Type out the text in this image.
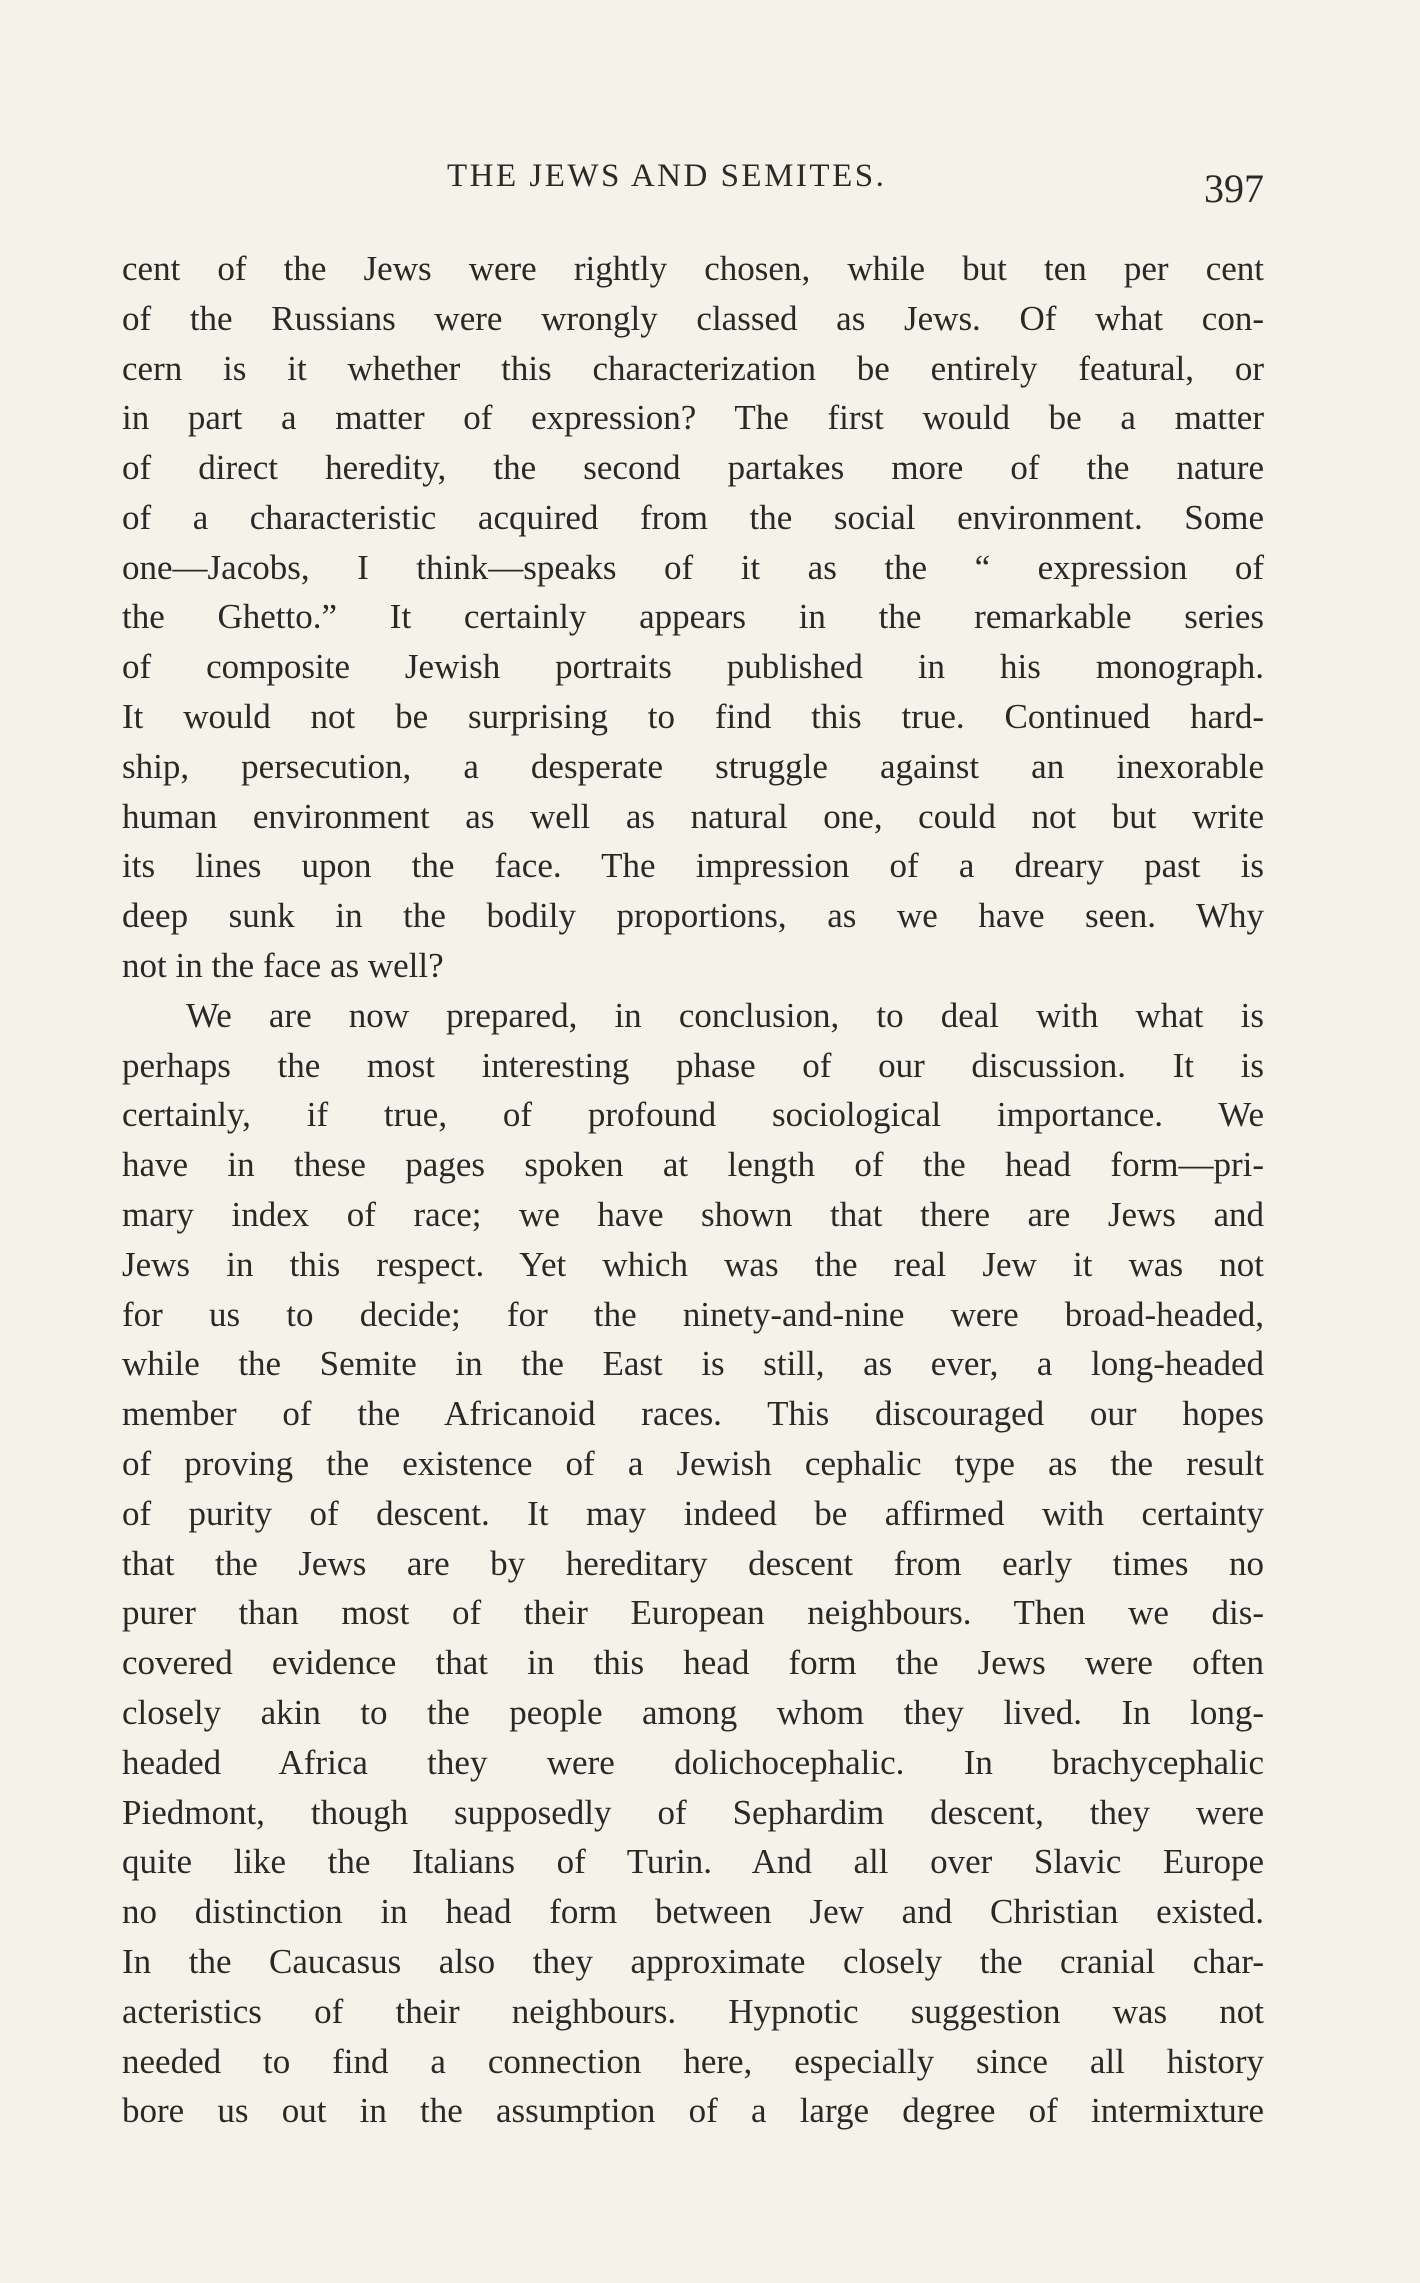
THE JEWS AND SEMITES.	397
cent of the Jews were rightly chosen, while but ten per cent
of the Russians were wrongly classed as Jews. Of what con-
cern is it whether this characterization be entirely featural, or
in part a matter of expression? The first would be a matter
of direct heredity, the second partakes more of the nature
of a characteristic acquired from the social environment. Some
one—Jacobs, I think—speaks of it as the “ expression of
the Ghetto.” It certainly appears in the remarkable series
of composite Jewish portraits published in his monograph.
It would not be surprising to find this true. Continued hard-
ship, persecution, a desperate struggle against an inexorable
human environment as well as natural one, could not but write
its lines upon the face. The impression of a dreary past is
deep sunk in the bodily proportions, as we have seen. Why
not in the face as well?
We are now prepared, in conclusion, to deal with what is
perhaps the most interesting phase of our discussion. It is
certainly, if true, of profound sociological importance. We
have in these pages spoken at length of the head form—pri-
mary index of race; we have shown that there are Jews and
Jews in this respect. Yet which was the real Jew it was not
for us to decide; for the ninety-and-nine were broad-headed,
while the Semite in the East is still, as ever, a long-headed
member of the Africanoid races. This discouraged our hopes
of proving the existence of a Jewish cephalic type as the result
of purity of descent. It may indeed be affirmed with certainty
that the Jews are by hereditary descent from early times no
purer than most of their European neighbours. Then we dis-
covered evidence that in this head form the Jews were often
closely akin to the people among whom they lived. In long-
headed Africa they were dolichocephalic. In brachycephalic
Piedmont, though supposedly of Sephardim descent, they were
quite like the Italians of Turin. And all over Slavic Europe
no distinction in head form between Jew and Christian existed.
In the Caucasus also they approximate closely the cranial char-
acteristics of their neighbours. Hypnotic suggestion was not
needed to find a connection here, especially since all history
bore us out in the assumption of a large degree of intermixture
